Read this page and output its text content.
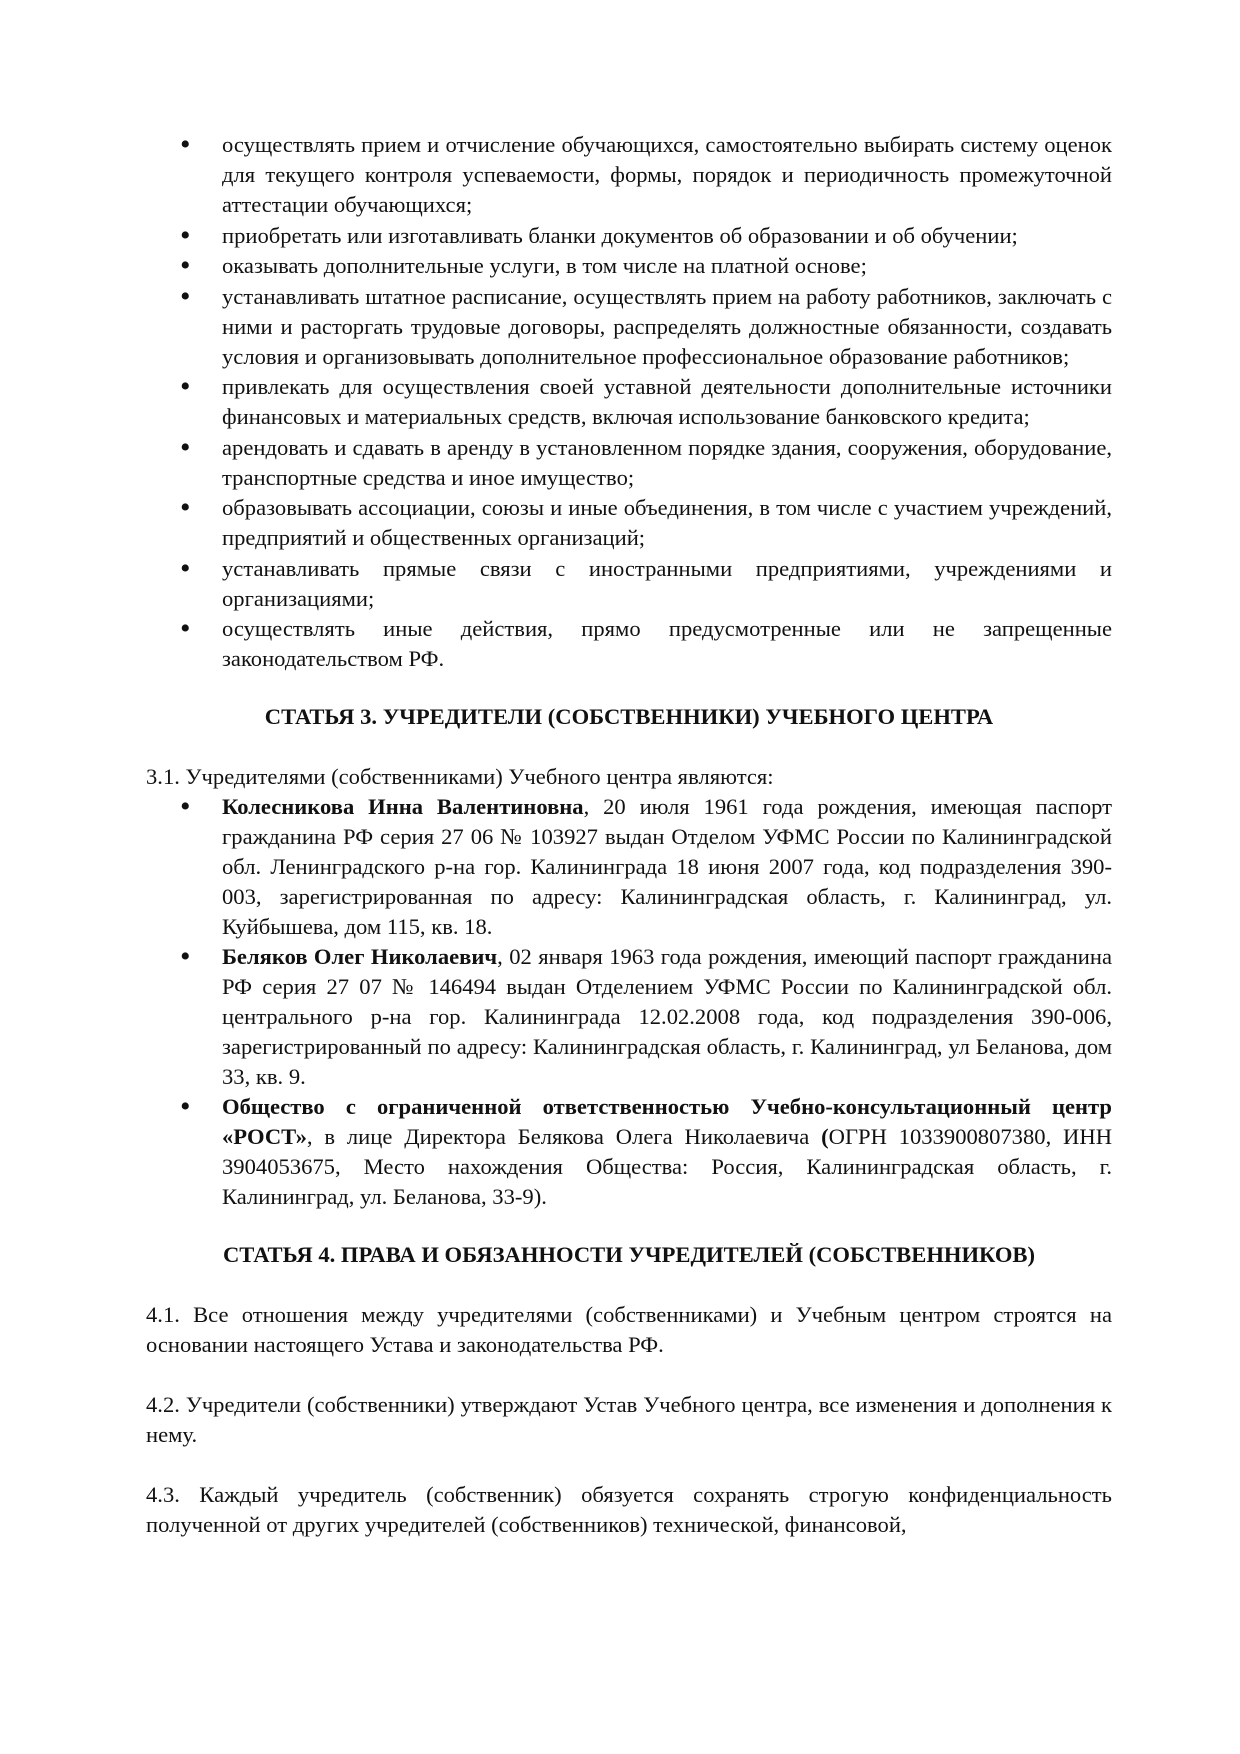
• осуществлять прием и отчисление обучающихся, самостоятельно выбирать систему оценок для текущего контроля успеваемости, формы, порядок и периодичность промежуточной аттестации обучающихся;
• приобретать или изготавливать бланки документов об образовании и об обучении;
• оказывать дополнительные услуги, в том числе на платной основе;
• устанавливать штатное расписание, осуществлять прием на работу работников, заключать с ними и расторгать трудовые договоры, распределять должностные обязанности, создавать условия и организовывать дополнительное профессиональное образование работников;
• привлекать для осуществления своей уставной деятельности дополнительные источники финансовых и материальных средств, включая использование банковского кредита;
• арендовать и сдавать в аренду в установленном порядке здания, сооружения, оборудование, транспортные средства и иное имущество;
• образовывать ассоциации, союзы и иные объединения, в том числе с участием учреждений, предприятий и общественных организаций;
• устанавливать прямые связи с иностранными предприятиями, учреждениями и организациями;
• осуществлять иные действия, прямо предусмотренные или не запрещенные законодательством РФ.
СТАТЬЯ 3. УЧРЕДИТЕЛИ (СОБСТВЕННИКИ) УЧЕБНОГО ЦЕНТРА

3.1. Учредителями (собственниками) Учебного центра являются:

• Колесникова Инна Валентиновна, 20 июля 1961 года рождения, имеющая паспорт гражданина РФ серия 27 06 № 103927 выдан Отделом УФМС России по Калининградской обл. Ленинградского р-на гор. Калининграда 18 июня 2007 года, код подразделения 390-003, зарегистрированная по адресу: Калининградская область, г. Калининград, ул. Куйбышева, дом 115, кв. 18.
• Беляков Олег Николаевич, 02 января 1963 года рождения, имеющий паспорт гражданина РФ серия 27 07 № 146494 выдан Отделением УФМС России по Калининградской обл. центрального р-на гор. Калининграда 12.02.2008 года, код подразделения 390-006, зарегистрированный по адресу: Калининградская область, г. Калининград, ул Беланова, дом 33, кв. 9.
• Общество с ограниченной ответственностью Учебно-консультационный центр «РОСТ», в лице Директора Белякова Олега Николаевича (ОГРН 1033900807380, ИНН 3904053675, Место нахождения Общества: Россия, Калининградская область, г. Калининград, ул. Беланова, 33-9).
СТАТЬЯ 4. ПРАВА И ОБЯЗАННОСТИ УЧРЕДИТЕЛЕЙ (СОБСТВЕННИКОВ)

4.1. Все отношения между учредителями (собственниками) и Учебным центром строятся на основании настоящего Устава и законодательства РФ.

4.2. Учредители (собственники) утверждают Устав Учебного центра, все изменения и дополнения к нему.

4.3. Каждый учредитель (собственник) обязуется сохранять строгую конфиденциальность полученной от других учредителей (собственников) технической, финансовой,
